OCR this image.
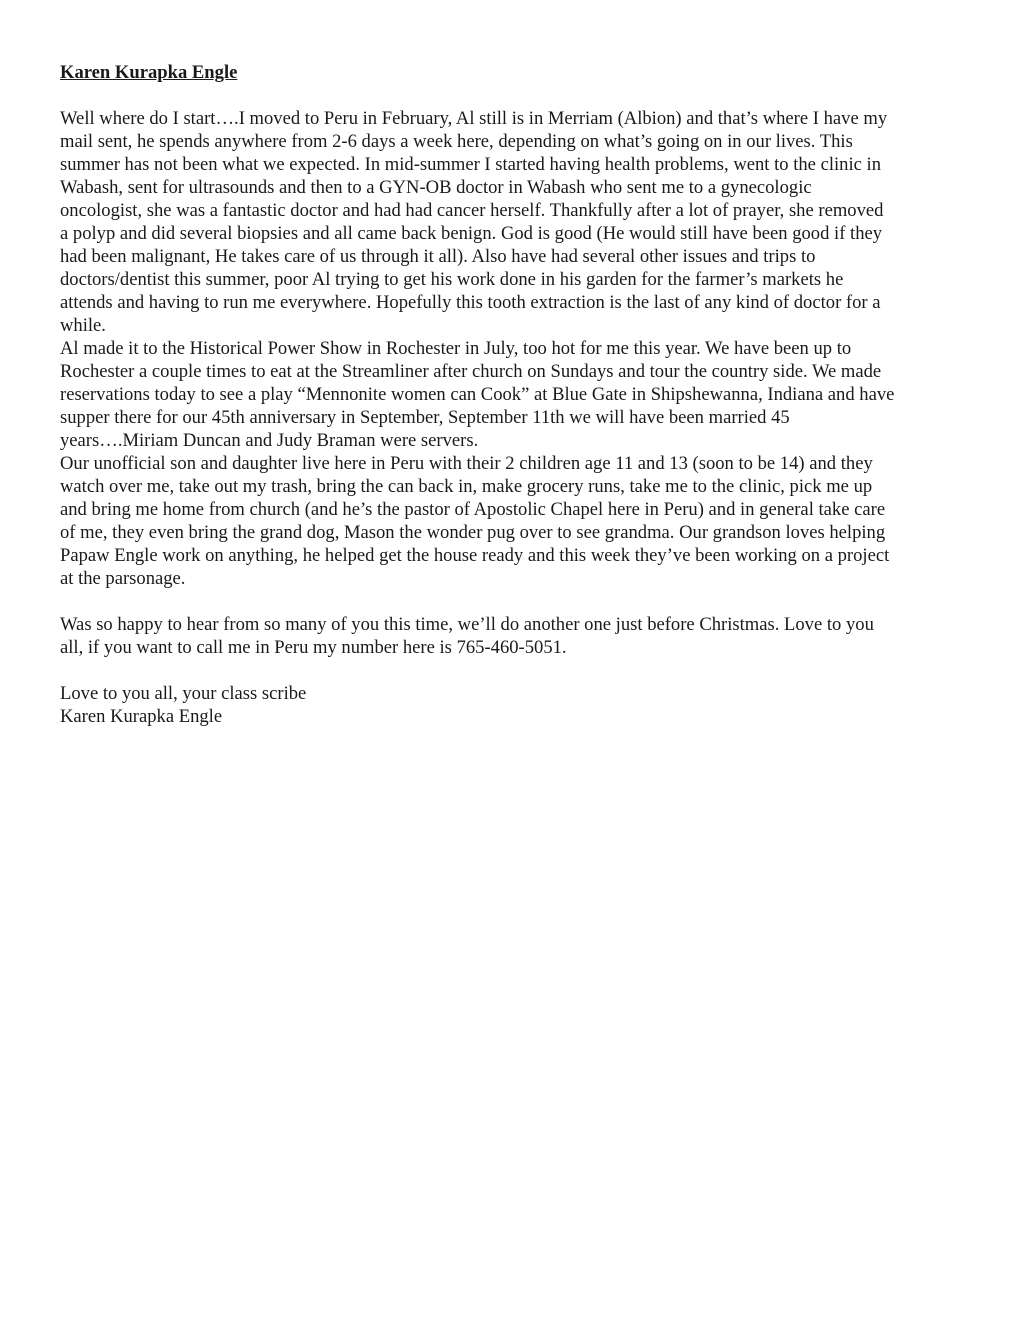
Karen Kurapka Engle

Well where do I start….I moved to Peru in February, Al still is in Merriam (Albion) and that’s where I have my
mail sent, he spends anywhere from 2-6 days a week here, depending on what’s going on in our lives. This
summer has not been what we expected. In mid-summer I started having health problems, went to the clinic in
Wabash, sent for ultrasounds and then to a GYN-OB doctor in Wabash who sent me to a gynecologic
oncologist, she was a fantastic doctor and had had cancer herself. Thankfully after a lot of prayer, she removed
a polyp and did several biopsies and all came back benign. God is good (He would still have been good if they
had been malignant, He takes care of us through it all). Also have had several other issues and trips to
doctors/dentist this summer, poor Al trying to get his work done in his garden for the farmer’s markets he
attends and having to run me everywhere. Hopefully this tooth extraction is the last of any kind of doctor for a
while.

Al made it to the Historical Power Show in Rochester in July, too hot for me this year. We have been up to
Rochester a couple times to eat at the Streamliner after church on Sundays and tour the country side. We made
reservations today to see a play “Mennonite women can Cook” at Blue Gate in Shipshewanna, Indiana and have
supper there for our 45th anniversary in September, September 11th we will have been married 45
years….Miriam Duncan and Judy Braman were servers.

Our unofficial son and daughter live here in Peru with their 2 children age 11 and 13 (soon to be 14) and they
watch over me, take out my trash, bring the can back in, make grocery runs, take me to the clinic, pick me up
and bring me home from church (and he’s the pastor of Apostolic Chapel here in Peru) and in general take care
of me, they even bring the grand dog, Mason the wonder pug over to see grandma. Our grandson loves helping
Papaw Engle work on anything, he helped get the house ready and this week they’ve been working on a project
at the parsonage.

Was so happy to hear from so many of you this time, we’ll do another one just before Christmas. Love to you
all, if you want to call me in Peru my number here is 765-460-5051.

Love to you all, your class scribe

Karen Kurapka Engle
